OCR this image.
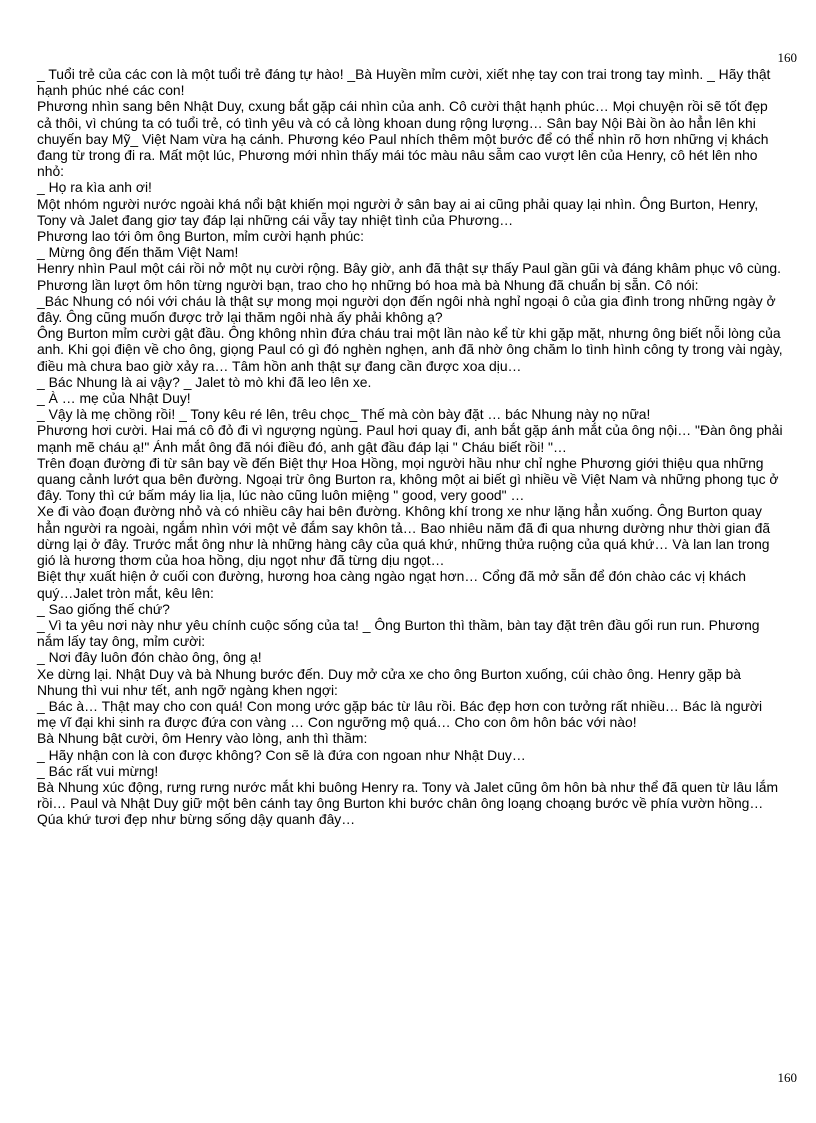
160

_ Tuổi trẻ của các con là một tuổi trẻ đáng tự hào! _Bà Huyền mỉm cười, xiết nhẹ tay con trai trong tay mình. _ Hãy thật hạnh phúc nhé các con!

Phương nhìn sang bên Nhật Duy, cxung bắt gặp cái nhìn của anh. Cô cười thật hạnh phúc… Mọi chuyện rồi sẽ tốt đẹp cả thôi, vì chúng ta có tuổi trẻ, có tình yêu và có cả lòng khoan dung rộng lượng… Sân bay Nội Bài ồn ào hẳn lên khi chuyến bay Mỹ_ Việt Nam vừa hạ cánh. Phương kéo Paul nhích thêm một bước để có thể nhìn rõ hơn những vị khách đang từ trong đi ra. Mất một lúc, Phương mới nhìn thấy mái tóc màu nâu sẫm cao vượt lên của Henry, cô hét lên nho nhỏ:

_ Họ ra kìa anh ơi!

Một nhóm người nước ngoài khá nổi bật khiến mọi người ở sân bay ai ai cũng phải quay lại nhìn. Ông Burton, Henry, Tony và Jalet đang giơ tay đáp lại những cái vẫy tay nhiệt tình của Phương…

Phương lao tới ôm ông Burton, mỉm cười hạnh phúc:

_ Mừng ông đến thăm Việt Nam!

Henry nhìn Paul một cái rồi nở một nụ cười rộng. Bây giờ, anh đã thật sự thấy Paul gần gũi và đáng khâm phục vô cùng.

Phương lần lượt ôm hôn từng người bạn, trao cho họ những bó hoa mà bà Nhung đã chuẩn bị sẵn. Cô nói:

_Bác Nhung có nói với cháu là thật sự mong mọi người dọn đến ngôi nhà nghỉ ngoại ô của gia đình trong những ngày ở đây. Ông cũng muốn được trở lại thăm ngôi nhà ấy phải không ạ?

Ông Burton mỉm cười gật đầu. Ông không nhìn đứa cháu trai một lần nào kể từ khi gặp mặt, nhưng ông biết nỗi lòng của anh. Khi gọi điện về cho ông, giọng Paul có gì đó nghèn nghẹn, anh đã nhờ ông chăm lo tình hình công ty trong vài ngày, điều mà chưa bao giờ xảy ra… Tâm hồn anh thật sự đang cần được xoa dịu…

_ Bác Nhung là ai vậy? _ Jalet tò mò khi đã leo lên xe.

_ À … mẹ của Nhật Duy!

_ Vậy là mẹ chồng rồi! _ Tony kêu ré lên, trêu chọc_ Thế mà còn bày đặt … bác Nhung này nọ nữa!

Phương hơi cười. Hai má cô đỏ đi vì ngượng ngùng. Paul hơi quay đi, anh bắt gặp ánh mắt của ông nội… "Đàn ông phải mạnh mẽ cháu ạ!" Ánh mắt ông đã nói điều đó, anh gật đầu đáp lại " Cháu biết rồi! "…

Trên đoạn đường đi từ sân bay về đến Biệt thự Hoa Hồng, mọi người hầu như chỉ nghe Phương giới thiệu qua những quang cảnh lướt qua bên đường. Ngoại trừ ông Burton ra, không một ai biết gì nhiều về Việt Nam và những phong tục ở đây. Tony thì cứ bấm máy lia lịa, lúc nào cũng luôn miệng " good, very good" …

Xe đi vào đoạn đường nhỏ và có nhiều cây hai bên đường. Không khí trong xe như lặng hẳn xuống. Ông Burton quay hẳn người ra ngoài, ngắm nhìn với một vẻ đắm say khôn tả… Bao nhiêu năm đã đi qua nhưng dường như thời gian đã dừng lại ở đây. Trước mắt ông như là những hàng cây của quá khứ, những thửa ruộng của quá khứ… Và lan lan trong gió là hương thơm của hoa hồng, dịu ngọt như đã từng dịu ngọt…

Biệt thự xuất hiện ở cuối con đường, hương hoa càng ngào ngạt hơn… Cổng đã mở sẵn để đón chào các vị khách quý…Jalet tròn mắt, kêu lên:

_ Sao giống thế chứ?

_ Vì ta yêu nơi này như yêu chính cuộc sống của ta! _ Ông Burton thì thầm, bàn tay đặt trên đầu gối run run. Phương nắm lấy tay ông, mỉm cười:

_ Nơi đây luôn đón chào ông, ông ạ!

Xe dừng lại. Nhật Duy và bà Nhung bước đến. Duy mở cửa xe cho ông Burton xuống, cúi chào ông. Henry gặp bà Nhung thì vui như tết, anh ngỡ ngàng khen ngợi:

_ Bác à… Thật may cho con quá! Con mong ước gặp bác từ lâu rồi. Bác đẹp hơn con tưởng rất nhiều… Bác là người mẹ vĩ đại khi sinh ra được đứa con vàng … Con ngưỡng mộ quá… Cho con ôm hôn bác với nào!

Bà Nhung bật cười, ôm Henry vào lòng, anh thì thầm:

_ Hãy nhận con là con được không? Con sẽ là đứa con ngoan như Nhật Duy…

_ Bác rất vui mừng!

Bà Nhung xúc động, rưng rưng nước mắt khi buông Henry ra. Tony và Jalet cũng ôm hôn bà như thể đã quen từ lâu lắm rồi… Paul và Nhật Duy giữ một bên cánh tay ông Burton khi bước chân ông loạng choạng bước về phía vườn hồng… Qúa khứ tươi đẹp như bừng sống dậy quanh đây…

160
